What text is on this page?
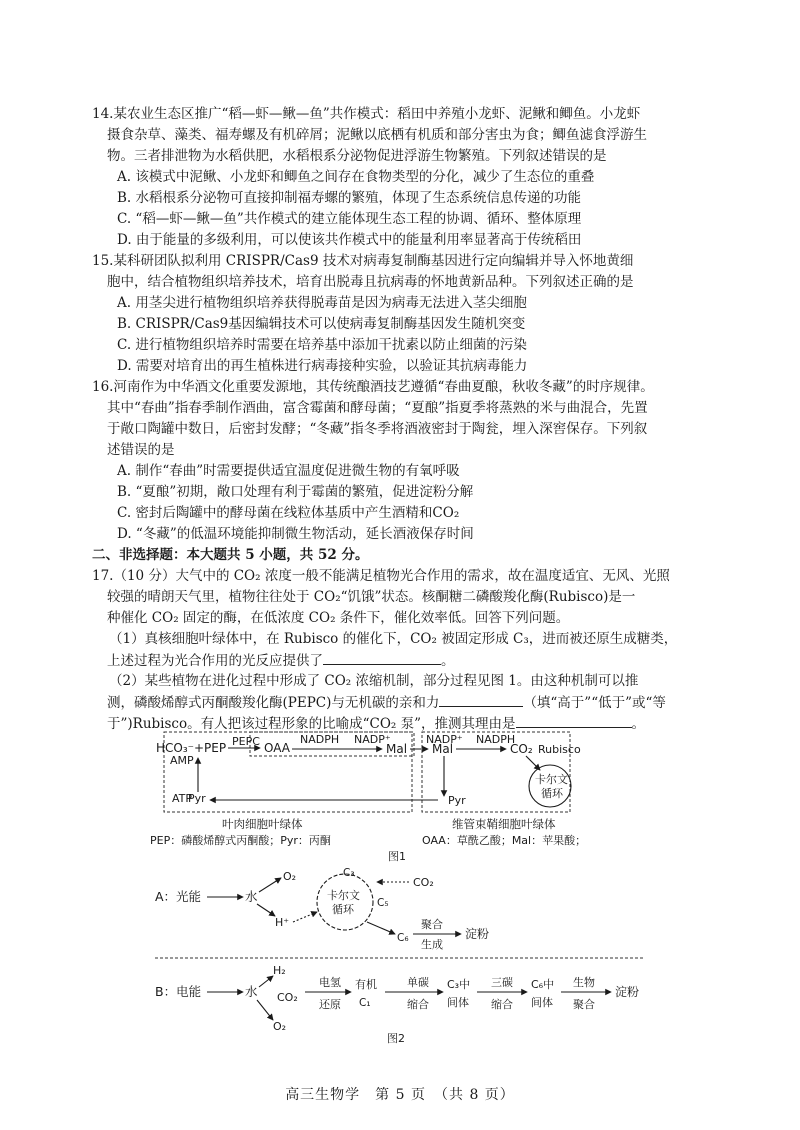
14.某农业生态区推广“稻—虾—鳅—鱼”共作模式：稻田中养殖小龙虾、泥鳅和鲫鱼。小龙虾
摄食杂草、藻类、福寿螺及有机碎屑；泥鳅以底栖有机质和部分害虫为食；鲫鱼滤食浮游生
物。三者排泄物为水稻供肥，水稻根系分泌物促进浮游生物繁殖。下列叙述错误的是
A. 该模式中泥鳅、小龙虾和鲫鱼之间存在食物类型的分化，减少了生态位的重叠
B. 水稻根系分泌物可直接抑制福寿螺的繁殖，体现了生态系统信息传递的功能
C. “稻—虾—鳅—鱼”共作模式的建立能体现生态工程的协调、循环、整体原理
D. 由于能量的多级利用，可以使该共作模式中的能量利用率显著高于传统稻田
15.某科研团队拟利用 CRISPR/Cas9 技术对病毒复制酶基因进行定向编辑并导入怀地黄细
胞中，结合植物组织培养技术，培育出脱毒且抗病毒的怀地黄新品种。下列叙述正确的是
A. 用茎尖进行植物组织培养获得脱毒苗是因为病毒无法进入茎尖细胞
B. CRISPR/Cas9基因编辑技术可以使病毒复制酶基因发生随机突变
C. 进行植物组织培养时需要在培养基中添加干扰素以防止细菌的污染
D. 需要对培育出的再生植株进行病毒接种实验，以验证其抗病毒能力
16.河南作为中华酒文化重要发源地，其传统酿酒技艺遵循“春曲夏酿，秋收冬藏”的时序规律。
其中“春曲”指春季制作酒曲，富含霉菌和酵母菌；“夏酿”指夏季将蒸熟的米与曲混合，先置
于敞口陶罐中数日，后密封发酵；“冬藏”指冬季将酒液密封于陶瓮，埋入深窖保存。下列叙
述错误的是
A. 制作“春曲”时需要提供适宜温度促进微生物的有氧呼吸
B. “夏酿”初期，敞口处理有利于霉菌的繁殖，促进淀粉分解
C. 密封后陶罐中的酵母菌在线粒体基质中产生酒精和CO₂
D. “冬藏”的低温环境能抑制微生物活动，延长酒液保存时间
二、非选择题：本大题共 5 小题，共 52 分。
17.（10 分）大气中的 CO₂ 浓度一般不能满足植物光合作用的需求，故在温度适宜、无风、光照
较强的晴朗天气里，植物往往处于 CO₂“饥饿”状态。核酮糖二磷酸羧化酶(Rubisco)是一
种催化 CO₂ 固定的酶，在低浓度 CO₂ 条件下，催化效率低。回答下列问题。
（1）真核细胞叶绿体中，在 Rubisco 的催化下，CO₂ 被固定形成 C₃，进而被还原生成糖类，
上述过程为光合作用的光反应提供了	。
（2）某些植物在进化过程中形成了 CO₂ 浓缩机制，部分过程见图 1。由这种机制可以推
测，磷酸烯醇式丙酮酸羧化酶(PEPC)与无机碳的亲和力	（填“高于”“低于”或“等
于”)Rubisco。有人把该过程形象的比喻成“CO₂ 泵”，推测其理由是	。
HCO₃⁻+PEP PEPC OAA
NADPH NADP⁺
Mal
NADP⁺ NADPH
Mal	CO₂ Rubisco
卡尔文
循环
Pyr
AMP
ATP
Pyr
叶肉细胞叶绿体	维管束鞘细胞叶绿体
PEP：磷酸烯醇式丙酮酸；Pyr：丙酮	OAA：草酰乙酸；Mal：苹果酸；
图1
A：光能	水
O₂
H⁺
C₃
C₅
卡尔文
循环
CO₂
C₆
聚合
生成
淀粉
B：电能	水
H₂
CO₂
O₂
电氢
还原
有机
C₁
单碳
缩合
C₃中
间体
三碳
缩合
C₆中
间体
生物
聚合
淀粉
图2
高三生物学　第 5 页　（共 8 页）
